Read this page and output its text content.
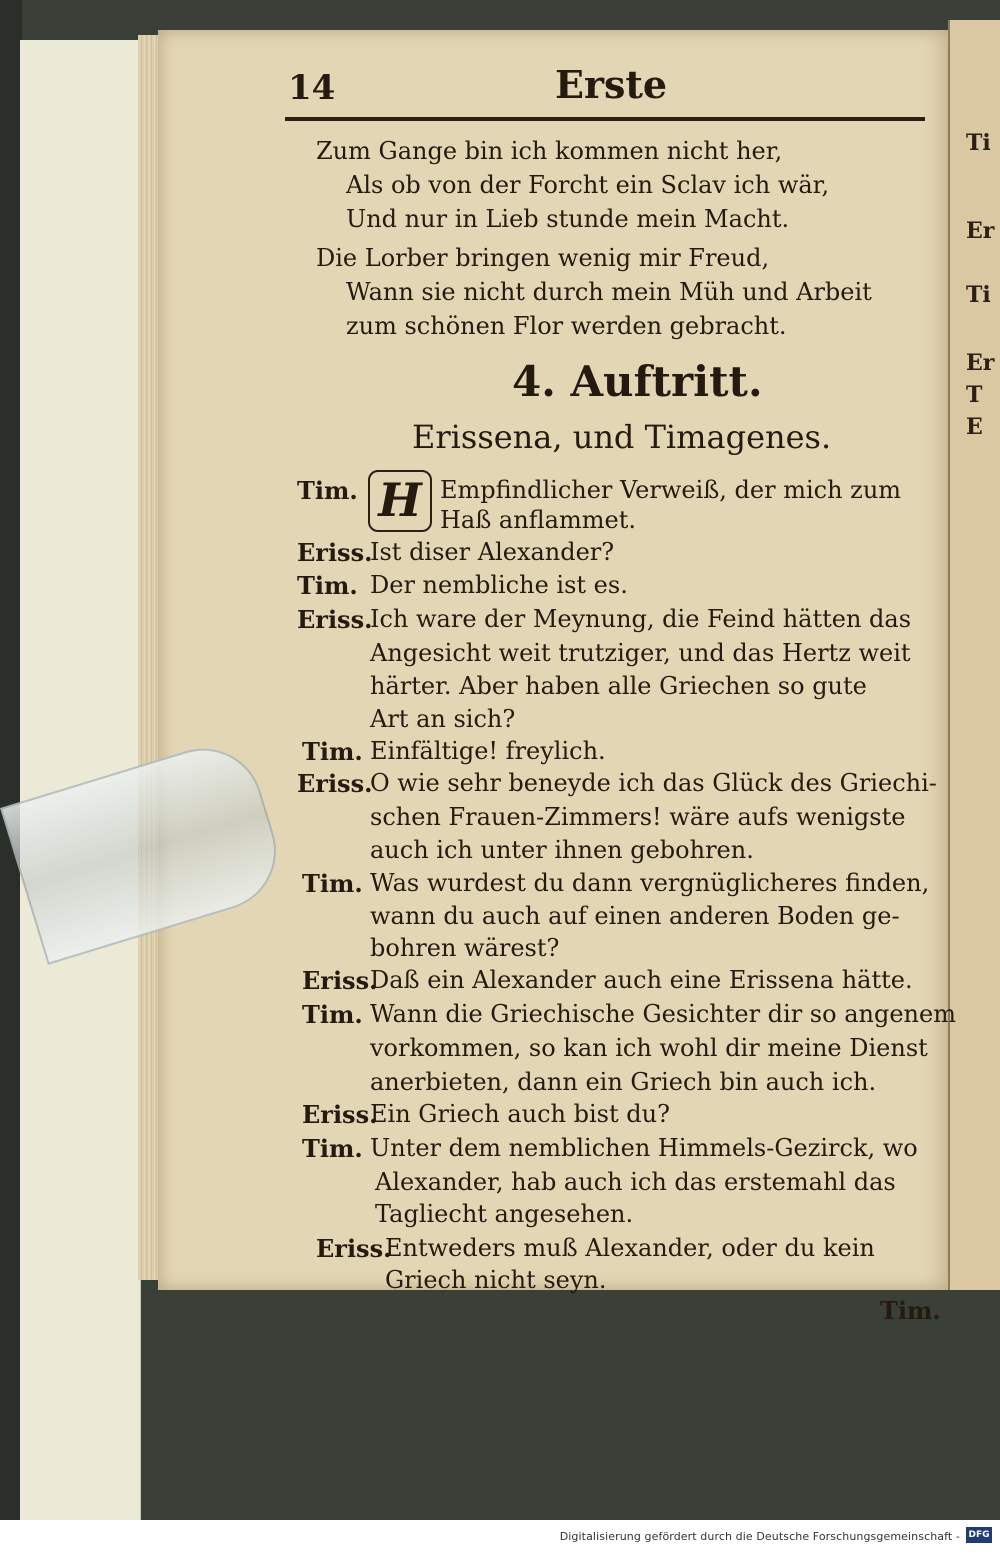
Ti
Er
Ti
Er
T
E
14	Erste
Zum Gange bin ich kommen nicht her,
Als ob von der Forcht ein Sclav ich wär,
Und nur in Lieb stunde mein Macht.
Die Lorber bringen wenig mir Freud,
Wann sie nicht durch mein Müh und Arbeit
zum schönen Flor werden gebracht.
4. Auftritt.
Erissena, und Timagenes.
H
Tim.	Empfindlicher Verweiß, der mich zum
Haß anflammet.
Eriss.
Ist diser Alexander?
Tim. Der nembliche ist es.
Eriss.
Ich ware der Meynung, die Feind hätten das
Angesicht weit trutziger, und das Hertz weit
härter. Aber haben alle Griechen so gute
Art an sich?
Tim. Einfältige! freylich.
Eriss.
O wie sehr beneyde ich das Glück des Griechi-
schen Frauen-Zimmers! wäre aufs wenigste
auch ich unter ihnen gebohren.
Tim. Was wurdest du dann vergnüglicheres finden,
wann du auch auf einen anderen Boden ge-
bohren wärest?
Eriss.
Daß ein Alexander auch eine Erissena hätte.
Tim. Wann die Griechische Gesichter dir so angenem
vorkommen, so kan ich wohl dir meine Dienst
anerbieten, dann ein Griech bin auch ich.
Eriss.
Ein Griech auch bist du?
Tim. Unter dem nemblichen Himmels-Gezirck, wo
Alexander, hab auch ich das erstemahl das
Tagliecht angesehen.
Eriss.
Entweders muß Alexander, oder du kein
Griech nicht seyn.
Tim.
Digitalisierung gefördert durch die Deutsche Forschungsgemeinschaft - DFG
